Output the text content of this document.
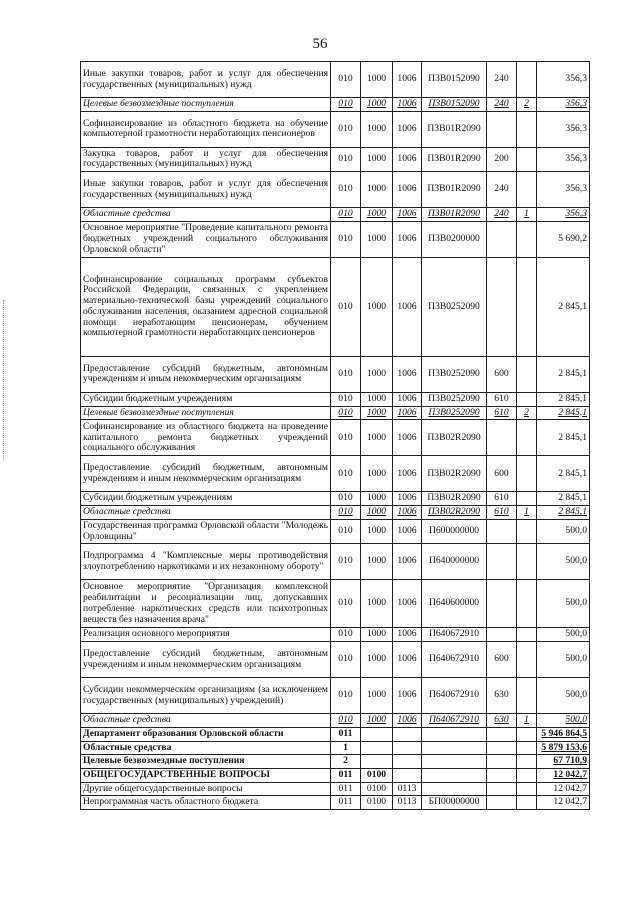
56
Иные закупки товаров, работ и услуг для обеспечения государственных (муниципальных) нужд	010	1000	1006	П3В0152090	240		356,3
Целевые безвозмездные поступления	010	1000	1006	П3В0152090	240	2	356,3
Софинансирование из областного бюджета на обучение компьютерной грамотности неработающих пенсионеров	010	1000	1006	П3В01R2090			356,3
Закупка товаров, работ и услуг для обеспечения государственных (муниципальных) нужд	010	1000	1006	П3В01R2090	200		356,3
Иные закупки товаров, работ и услуг для обеспечения государственных (муниципальных) нужд	010	1000	1006	П3В01R2090	240		356,3
Областные средства	010	1000	1006	П3В01R2090	240	1	356,3
Основное мероприятие "Проведение капитального ремонта бюджетных учреждений социального обслуживания Орловской области"	010	1000	1006	П3В0200000			5 690,2
Софинансирование социальных программ субъектов Российской Федерации, связанных с укреплением материально-технической базы учреждений социального обслуживания населения, оказанием адресной социальной помощи неработающим пенсионерам, обучением компьютерной грамотности неработающих пенсионеров	010	1000	1006	П3В0252090			2 845,1
Предоставление субсидий бюджетным, автономным учреждениям и иным некоммерческим организациям	010	1000	1006	П3В0252090	600		2 845,1
Субсидии бюджетным учреждениям	010	1000	1006	П3В0252090	610		2 845,1
Целевые безвозмездные поступления	010	1000	1006	П3В0252090	610	2	2 845,1
Софинансирование из областного бюджета на проведение капитального ремонта бюджетных учреждений социального обслуживания	010	1000	1006	П3В02R2090			2 845,1
Предоставление субсидий бюджетным, автономным учреждениям и иным некоммерческим организациям	010	1000	1006	П3В02R2090	600		2 845,1
Субсидии бюджетным учреждениям	010	1000	1006	П3В02R2090	610		2 845,1
Областные средства	010	1000	1006	П3В02R2090	610	1	2 845,1
Государственная программа Орловской области "Молодежь Орловщины"	010	1000	1006	П600000000			500,0
Подпрограмма 4 "Комплексные меры противодействия злоупотреблению наркотиками и их незаконному обороту"	010	1000	1006	П640000000			500,0
Основное мероприятие "Организация комплексной реабилитации и ресоциализации лиц, допускавших потребление наркотических средств или психотропных веществ без назначения врача"	010	1000	1006	П640600000			500,0
Реализация основного мероприятия	010	1000	1006	П640672910			500,0
Предоставление субсидий бюджетным, автономным учреждениям и иным некоммерческим организациям	010	1000	1006	П640672910	600		500,0
Субсидии некоммерческим организациям (за исключением государственных (муниципальных) учреждений)	010	1000	1006	П640672910	630		500,0
Областные средства	010	1000	1006	П640672910	630	1	500,0
Департамент образования Орловской области	011						5 946 864,5
Областные средства	1						5 879 153,6
Целевые безвозмездные поступления	2						67 710,9
ОБЩЕГОСУДАРСТВЕННЫЕ ВОПРОСЫ	011	0100					12 042,7
Другие общегосударственные вопросы	011	0100	0113				12 042,7
Непрограммная часть областного бюджета	011	0100	0113	БП00000000			12 042,7
